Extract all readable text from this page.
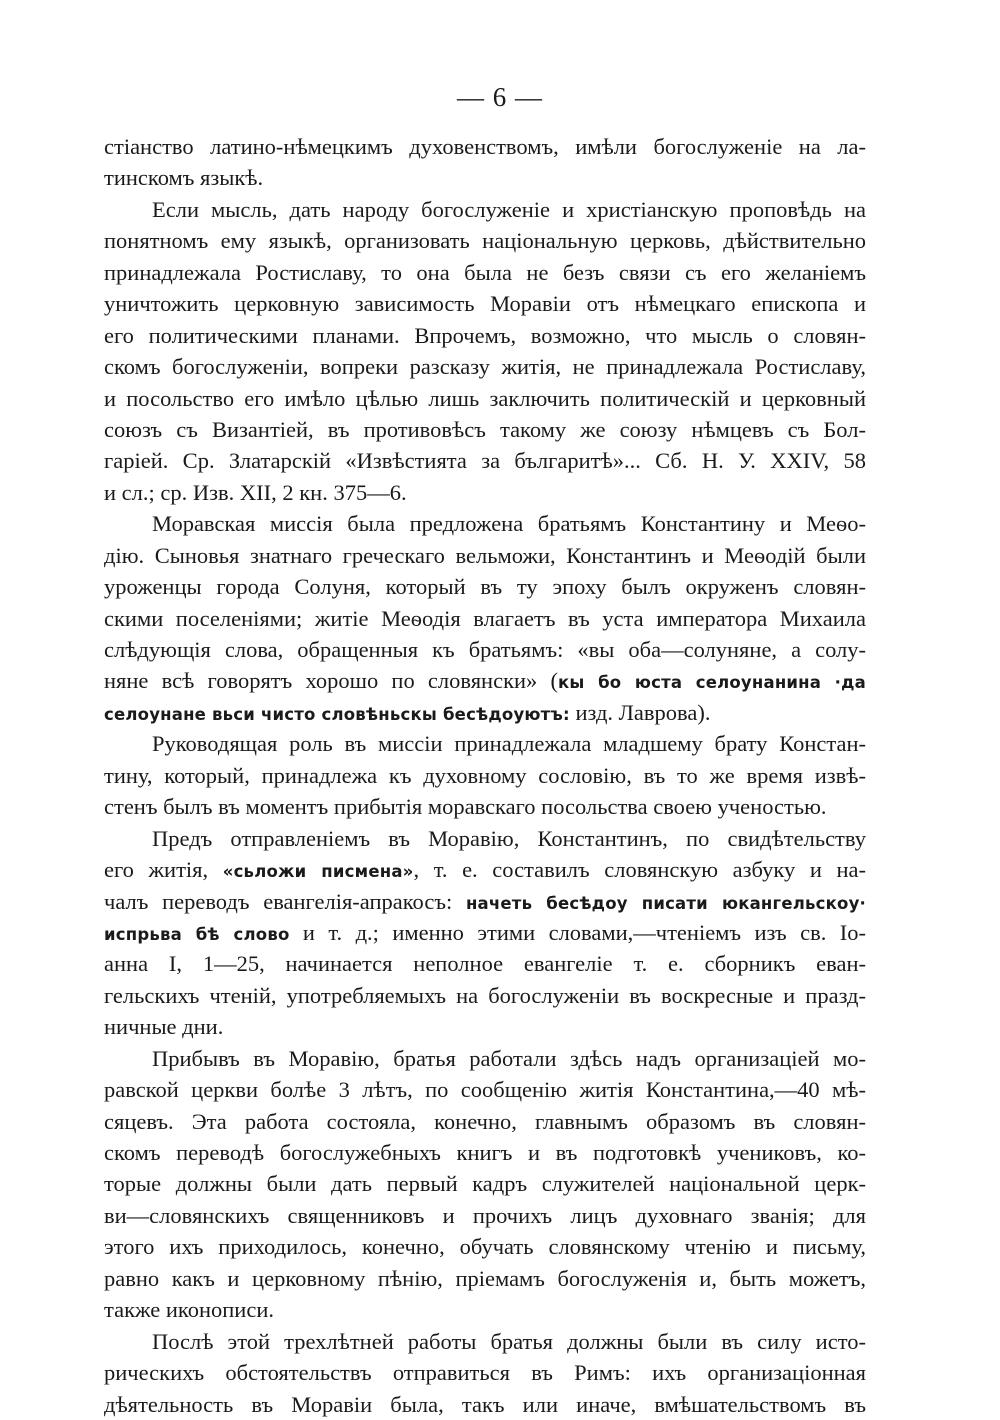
— 6 —
стіанство латино-нѣмецкимъ духовенствомъ, имѣли богослуженіе на ла-
тинскомъ языкѣ.
Если мысль, дать народу богослуженіе и христіанскую проповѣдь на
понятномъ ему языкѣ, организовать національную церковь, дѣйствительно
принадлежала Ростиславу, то она была не безъ связи съ его желаніемъ
уничтожить церковную зависимость Моравіи отъ нѣмецкаго епископа и
его политическими планами. Впрочемъ, возможно, что мысль о словян-
скомъ богослуженіи, вопреки разсказу житія, не принадлежала Ростиславу,
и посольство его имѣло цѣлью лишь заключить политическій и церковный
союзъ съ Византіей, въ противовѣсъ такому же союзу нѣмцевъ съ Бол-
гаріей. Ср. Златарскій «Извѣстията за българитѣ»... Сб. Н. У. XXIV, 58
и сл.; ср. Изв. XII, 2 кн. 375—6.
Моравская миссія была предложена братьямъ Константину и Меѳо-
дію. Сыновья знатнаго греческаго вельможи, Константинъ и Меѳодій были
уроженцы города Солуня, который въ ту эпоху былъ окруженъ словян-
скими поселеніями; житіе Меѳодія влагаетъ въ уста императора Михаила
слѣдующія слова, обращенныя къ братьямъ: «вы оба—солуняне, а солу-
няне всѣ говорятъ хорошо по словянски» (кы бо юста селоунанина ·да
селоунане вьси чисто словѣньскы бесѣдоуютъ: изд. Лаврова).
Руководящая роль въ миссіи принадлежала младшему брату Констан-
тину, который, принадлежа къ духовному сословію, въ то же время извѣ-
стенъ былъ въ моментъ прибытія моравскаго посольства своею ученостью.
Предъ отправленіемъ въ Моравію, Константинъ, по свидѣтельству
его житія, «сьложи писмена», т. е. составилъ словянскую азбуку и на-
чалъ переводъ евангелія-апракосъ: начеть бесѣдоу писати юкангельскоу·
испрьва бѣ слово и т. д.; именно этими словами,—чтеніемъ изъ св. Іо-
анна I, 1—25, начинается неполное евангеліе т. е. сборникъ еван-
гельскихъ чтеній, употребляемыхъ на богослуженіи въ воскресные и празд-
ничные дни.
Прибывъ въ Моравію, братья работали здѣсь надъ организаціей мо-
равской церкви болѣе 3 лѣтъ, по сообщенію житія Константина,—40 мѣ-
сяцевъ. Эта работа состояла, конечно, главнымъ образомъ въ словян-
скомъ переводѣ богослужебныхъ книгъ и въ подготовкѣ учениковъ, ко-
торые должны были дать первый кадръ служителей національной церк-
ви—словянскихъ священниковъ и прочихъ лицъ духовнаго званія; для
этого ихъ приходилось, конечно, обучать словянскому чтенію и письму,
равно какъ и церковному пѣнію, пріемамъ богослуженія и, быть можетъ,
также иконописи.
Послѣ этой трехлѣтней работы братья должны были въ силу исто-
рическихъ обстоятельствъ отправиться въ Римъ: ихъ организаціонная
дѣятельность въ Моравіи была, такъ или иначе, вмѣшательствомъ въ
